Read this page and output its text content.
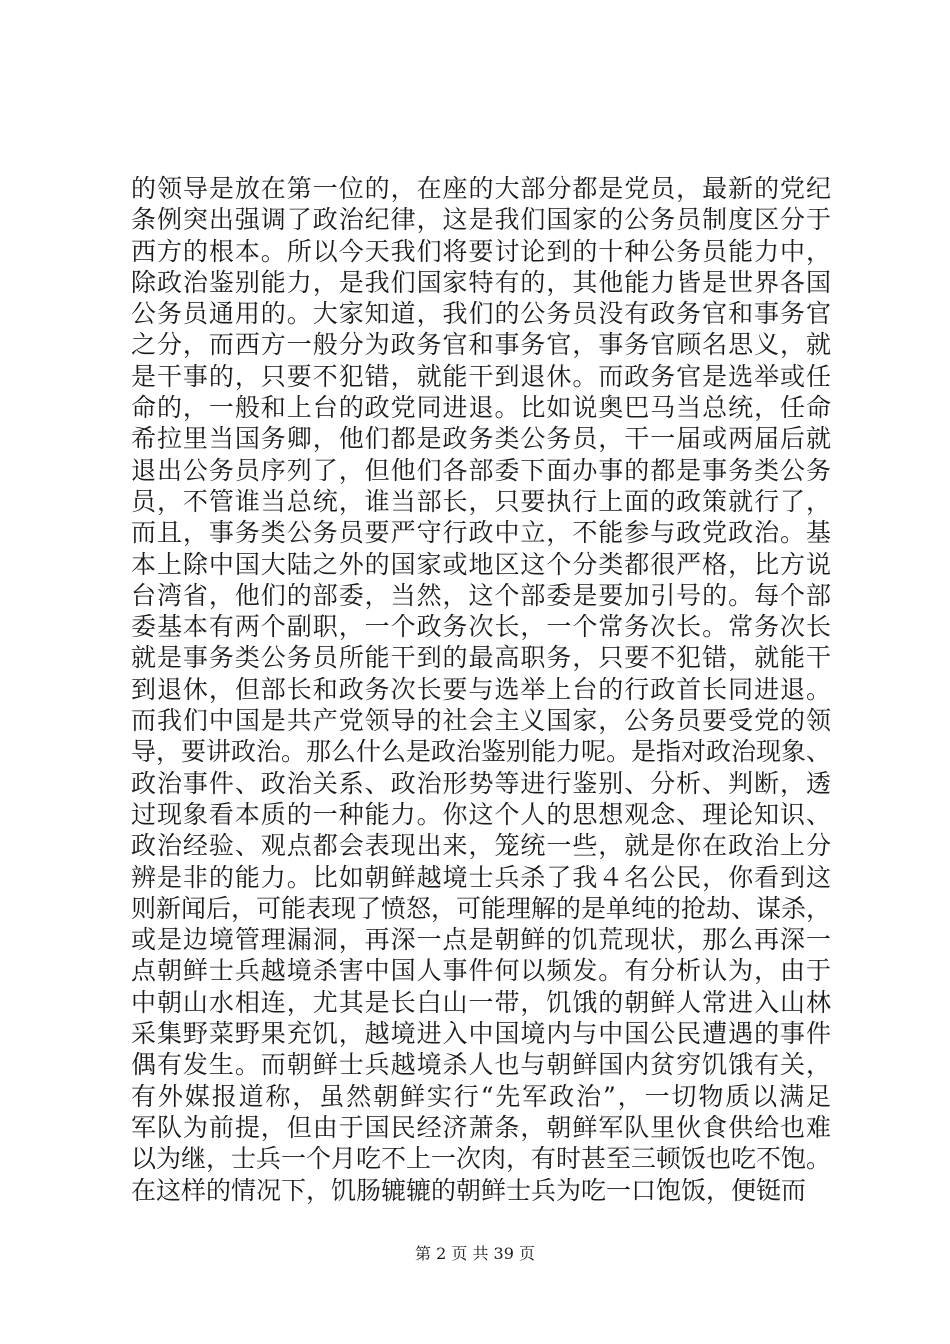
的领导是放在第一位的，在座的大部分都是党员，最新的党纪
条例突出强调了政治纪律，这是我们国家的公务员制度区分于
西方的根本。所以今天我们将要讨论到的十种公务员能力中，
除政治鉴别能力，是我们国家特有的，其他能力皆是世界各国
公务员通用的。大家知道，我们的公务员没有政务官和事务官
之分，而西方一般分为政务官和事务官，事务官顾名思义，就
是干事的，只要不犯错，就能干到退休。而政务官是选举或任
命的，一般和上台的政党同进退。比如说奥巴马当总统，任命
希拉里当国务卿，他们都是政务类公务员，干一届或两届后就
退出公务员序列了，但他们各部委下面办事的都是事务类公务
员，不管谁当总统，谁当部长，只要执行上面的政策就行了，
而且，事务类公务员要严守行政中立，不能参与政党政治。基
本上除中国大陆之外的国家或地区这个分类都很严格，比方说
台湾省，他们的部委，当然，这个部委是要加引号的。每个部
委基本有两个副职，一个政务次长，一个常务次长。常务次长
就是事务类公务员所能干到的最高职务，只要不犯错，就能干
到退休，但部长和政务次长要与选举上台的行政首长同进退。
而我们中国是共产党领导的社会主义国家，公务员要受党的领
导，要讲政治。那么什么是政治鉴别能力呢。是指对政治现象、
政治事件、政治关系、政治形势等进行鉴别、分析、判断，透
过现象看本质的一种能力。你这个人的思想观念、理论知识、
政治经验、观点都会表现出来，笼统一些，就是你在政治上分
辨是非的能力。比如朝鲜越境士兵杀了我４名公民，你看到这
则新闻后，可能表现了愤怒，可能理解的是单纯的抢劫、谋杀，
或是边境管理漏洞，再深一点是朝鲜的饥荒现状，那么再深一
点朝鲜士兵越境杀害中国人事件何以频发。有分析认为，由于
中朝山水相连，尤其是长白山一带，饥饿的朝鲜人常进入山林
采集野菜野果充饥，越境进入中国境内与中国公民遭遇的事件
偶有发生。而朝鲜士兵越境杀人也与朝鲜国内贫穷饥饿有关，
有外媒报道称，虽然朝鲜实行“先军政治”，一切物质以满足
军队为前提，但由于国民经济萧条，朝鲜军队里伙食供给也难
以为继，士兵一个月吃不上一次肉，有时甚至三顿饭也吃不饱。
在这样的情况下，饥肠辘辘的朝鲜士兵为吃一口饱饭，便铤而
第 2 页 共 39 页
